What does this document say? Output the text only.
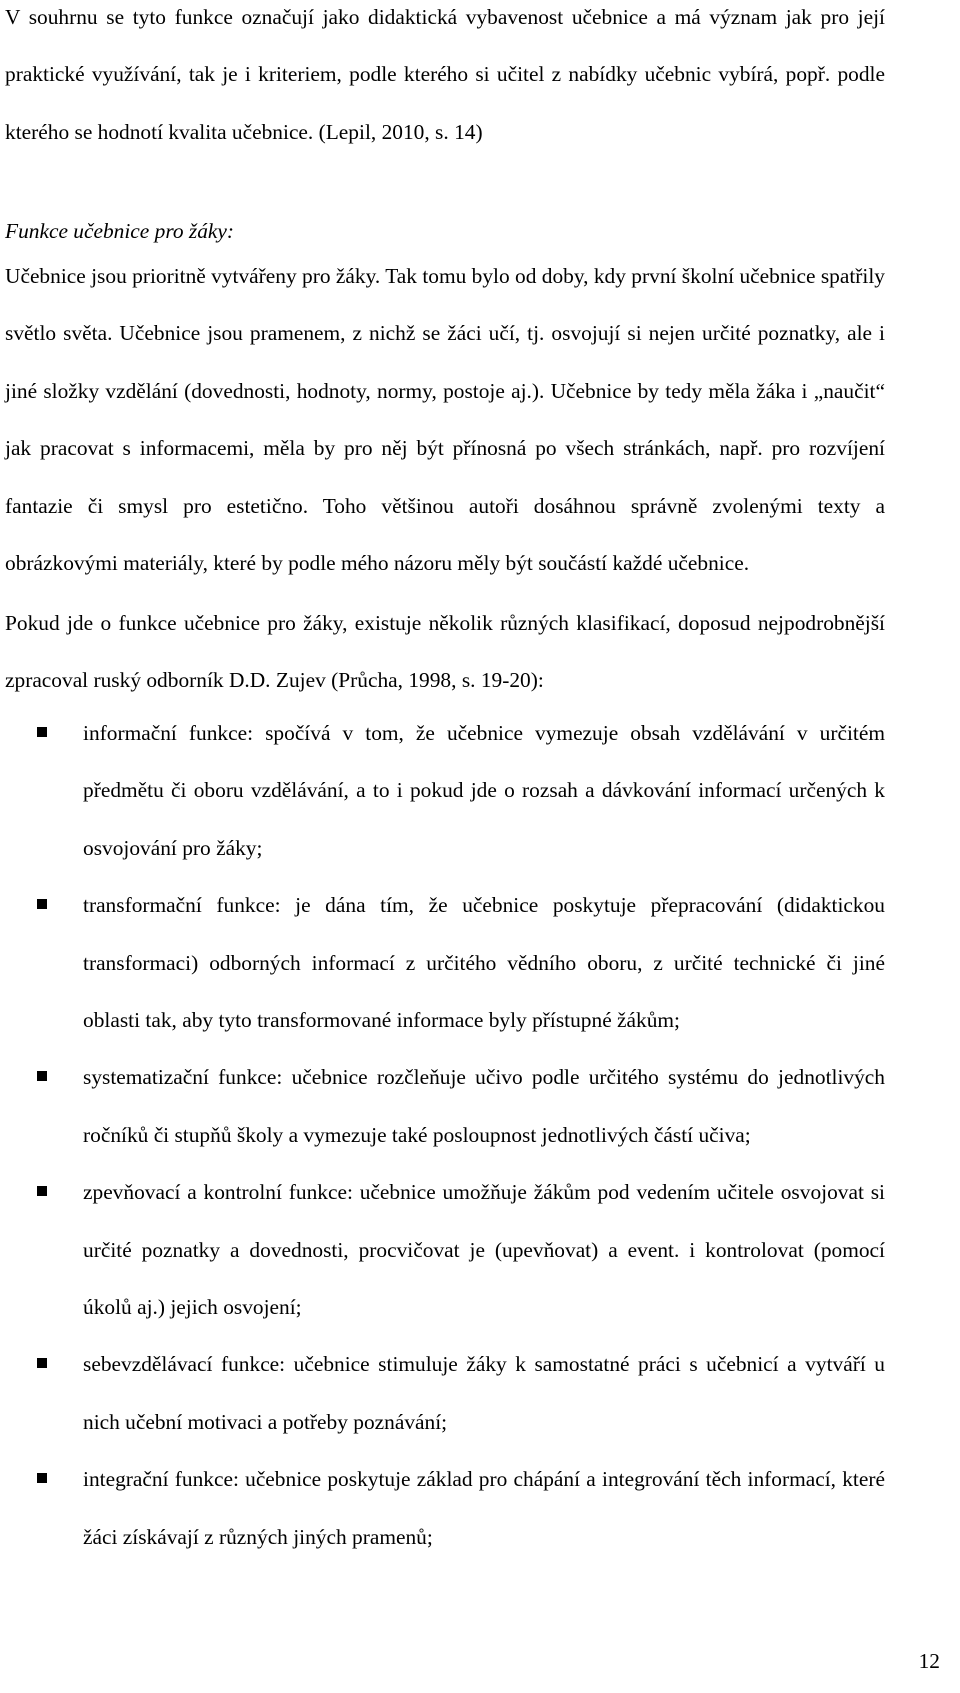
V souhrnu se tyto funkce označují jako didaktická vybavenost učebnice a má význam jak pro její praktické využívání, tak je i kriteriem, podle kterého si učitel z nabídky učebnic vybírá, popř. podle kterého se hodnotí kvalita učebnice. (Lepil, 2010, s. 14)

Funkce učebnice pro žáky:

Učebnice jsou prioritně vytvářeny pro žáky. Tak tomu bylo od doby, kdy první školní učebnice spatřily světlo světa. Učebnice jsou pramenem, z nichž se žáci učí, tj. osvojují si nejen určité poznatky, ale i jiné složky vzdělání (dovednosti, hodnoty, normy, postoje aj.). Učebnice by tedy měla žáka i „naučit“ jak pracovat s informacemi, měla by pro něj být přínosná po všech stránkách, např. pro rozvíjení fantazie či smysl pro estetično. Toho většinou autoři dosáhnou správně zvolenými texty a obrázkovými materiály, které by podle mého názoru měly být součástí každé učebnice.

Pokud jde o funkce učebnice pro žáky, existuje několik různých klasifikací, doposud nejpodrobnější zpracoval ruský odborník D.D. Zujev (Průcha, 1998, s. 19-20):

informační funkce: spočívá v tom, že učebnice vymezuje obsah vzdělávání v určitém předmětu či oboru vzdělávání, a to i pokud jde o rozsah a dávkování informací určených k osvojování pro žáky;
transformační funkce: je dána tím, že učebnice poskytuje přepracování (didaktickou transformaci) odborných informací z určitého vědního oboru, z určité technické či jiné oblasti tak, aby tyto transformované informace byly přístupné žákům;
systematizační funkce: učebnice rozčleňuje učivo podle určitého systému do jednotlivých ročníků či stupňů školy a vymezuje také posloupnost jednotlivých částí učiva;
zpevňovací a kontrolní funkce: učebnice umožňuje žákům pod vedením učitele osvojovat si určité poznatky a dovednosti, procvičovat je (upevňovat) a event. i kontrolovat (pomocí úkolů aj.) jejich osvojení;
sebevzdělávací funkce: učebnice stimuluje žáky k samostatné práci s učebnicí a vytváří u nich učební motivaci a potřeby poznávání;
integrační funkce: učebnice poskytuje základ pro chápání a integrování těch informací, které žáci získávají z různých jiných pramenů;
12
